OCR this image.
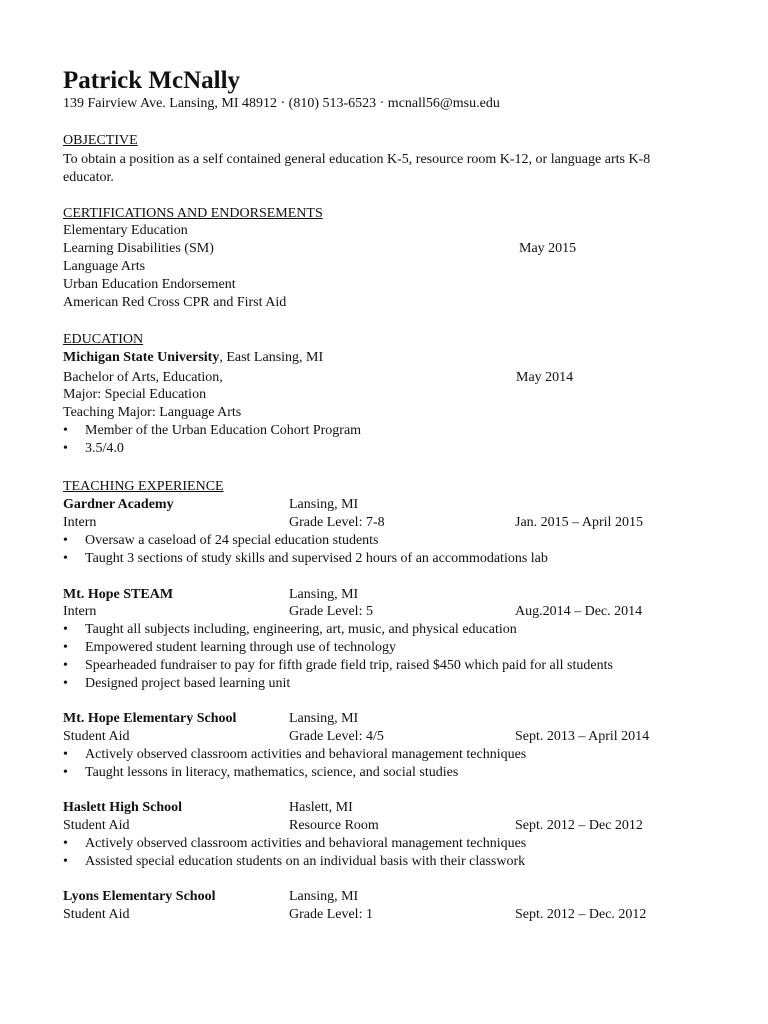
Patrick McNally
139 Fairview Ave. Lansing, MI 48912 · (810) 513-6523 · mcnall56@msu.edu
OBJECTIVE
To obtain a position as a self contained general education K-5, resource room K-12, or language arts K-8
educator.
CERTIFICATIONS AND ENDORSEMENTS
Elementary Education
Learning Disabilities (SM)	May 2015
Language Arts
Urban Education Endorsement
American Red Cross CPR and First Aid
EDUCATION
Michigan State University, East Lansing, MI
Bachelor of Arts, Education,	May 2014
Major: Special Education
Teaching Major: Language Arts
• Member of the Urban Education Cohort Program
• 3.5/4.0
TEACHING EXPERIENCE
Gardner Academy	Lansing, MI
Intern	Grade Level: 7-8	Jan. 2015 – April 2015
• Oversaw a caseload of 24 special education students
• Taught 3 sections of study skills and supervised 2 hours of an accommodations lab
Mt. Hope STEAM	Lansing, MI
Intern	Grade Level: 5	Aug.2014 – Dec. 2014
• Taught all subjects including, engineering, art, music, and physical education
• Empowered student learning through use of technology
• Spearheaded fundraiser to pay for fifth grade field trip, raised $450 which paid for all students
• Designed project based learning unit
Mt. Hope Elementary School	Lansing, MI
Student Aid	Grade Level: 4/5	Sept. 2013 – April 2014
• Actively observed classroom activities and behavioral management techniques
• Taught lessons in literacy, mathematics, science, and social studies
Haslett High School	Haslett, MI
Student Aid	Resource Room	Sept. 2012 – Dec 2012
• Actively observed classroom activities and behavioral management techniques
• Assisted special education students on an individual basis with their classwork
Lyons Elementary School	Lansing, MI
Student Aid	Grade Level: 1	Sept. 2012 – Dec. 2012
